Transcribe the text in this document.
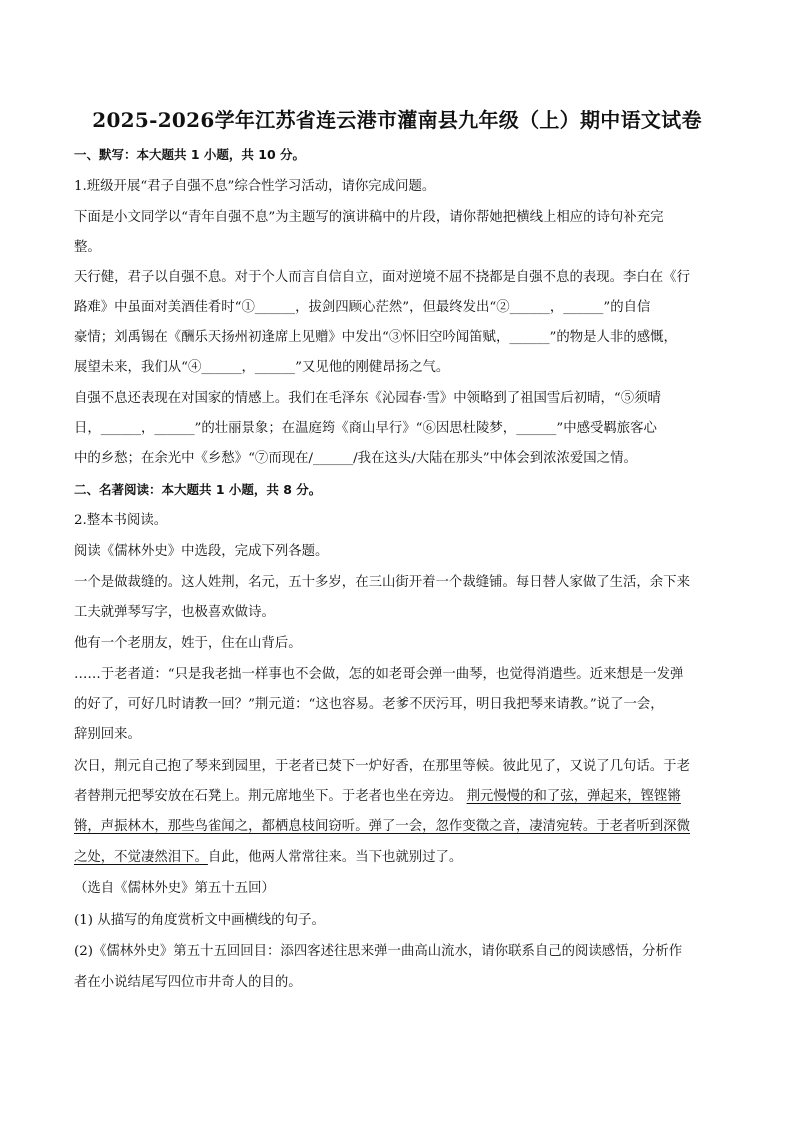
2025-2026学年江苏省连云港市灌南县九年级（上）期中语文试卷
一、默写：本大题共 1 小题，共 10 分。
1.班级开展“君子自强不息”综合性学习活动，请你完成问题。
下面是小文同学以“青年自强不息”为主题写的演讲稿中的片段，请你帮她把横线上相应的诗句补充完
整。
天行健，君子以自强不息。对于个人而言自信自立，面对逆境不屈不挠都是自强不息的表现。李白在《行
路难》中虽面对美酒佳肴时“①______，拔剑四顾心茫然”，但最终发出“②______，______”的自信
豪情；刘禹锡在《酬乐天扬州初逢席上见赠》中发出“③怀旧空吟闻笛赋，______”的物是人非的感慨，
展望未来，我们从“④______，______”又见他的刚健昂扬之气。
自强不息还表现在对国家的情感上。我们在毛泽东《沁园春·雪》中领略到了祖国雪后初晴，“⑤须晴
日，______，______”的壮丽景象；在温庭筠《商山早行》“⑥因思杜陵梦，______”中感受羁旅客心
中的乡愁；在余光中《乡愁》“⑦而现在/______/我在这头/大陆在那头”中体会到浓浓爱国之情。
二、名著阅读：本大题共 1 小题，共 8 分。
2.整本书阅读。
阅读《儒林外史》中选段，完成下列各题。
一个是做裁缝的。这人姓荆，名元，五十多岁，在三山街开着一个裁缝铺。每日替人家做了生活，余下来
工夫就弹琴写字，也极喜欢做诗。
他有一个老朋友，姓于，住在山背后。
……于老者道：“只是我老拙一样事也不会做，怎的如老哥会弹一曲琴，也觉得消遣些。近来想是一发弹
的好了，可好几时请教一回？”荆元道：“这也容易。老爹不厌污耳，明日我把琴来请教。”说了一会，
辞别回来。
次日，荆元自己抱了琴来到园里，于老者已焚下一炉好香，在那里等候。彼此见了，又说了几句话。于老
者替荆元把琴安放在石凳上。荆元席地坐下。于老者也坐在旁边。 荆元慢慢的和了弦，弹起来，铿铿锵
锵，声振林木，那些鸟雀闻之，都栖息枝间窃听。弹了一会，忽作变徵之音，凄清宛转。于老者听到深微
之处，不觉凄然泪下。自此，他两人常常往来。当下也就别过了。
（选自《儒林外史》第五十五回）
(1) 从描写的角度赏析文中画横线的句子。
(2)《儒林外史》第五十五回回目：添四客述往思来弹一曲高山流水，请你联系自己的阅读感悟，分析作
者在小说结尾写四位市井奇人的目的。
